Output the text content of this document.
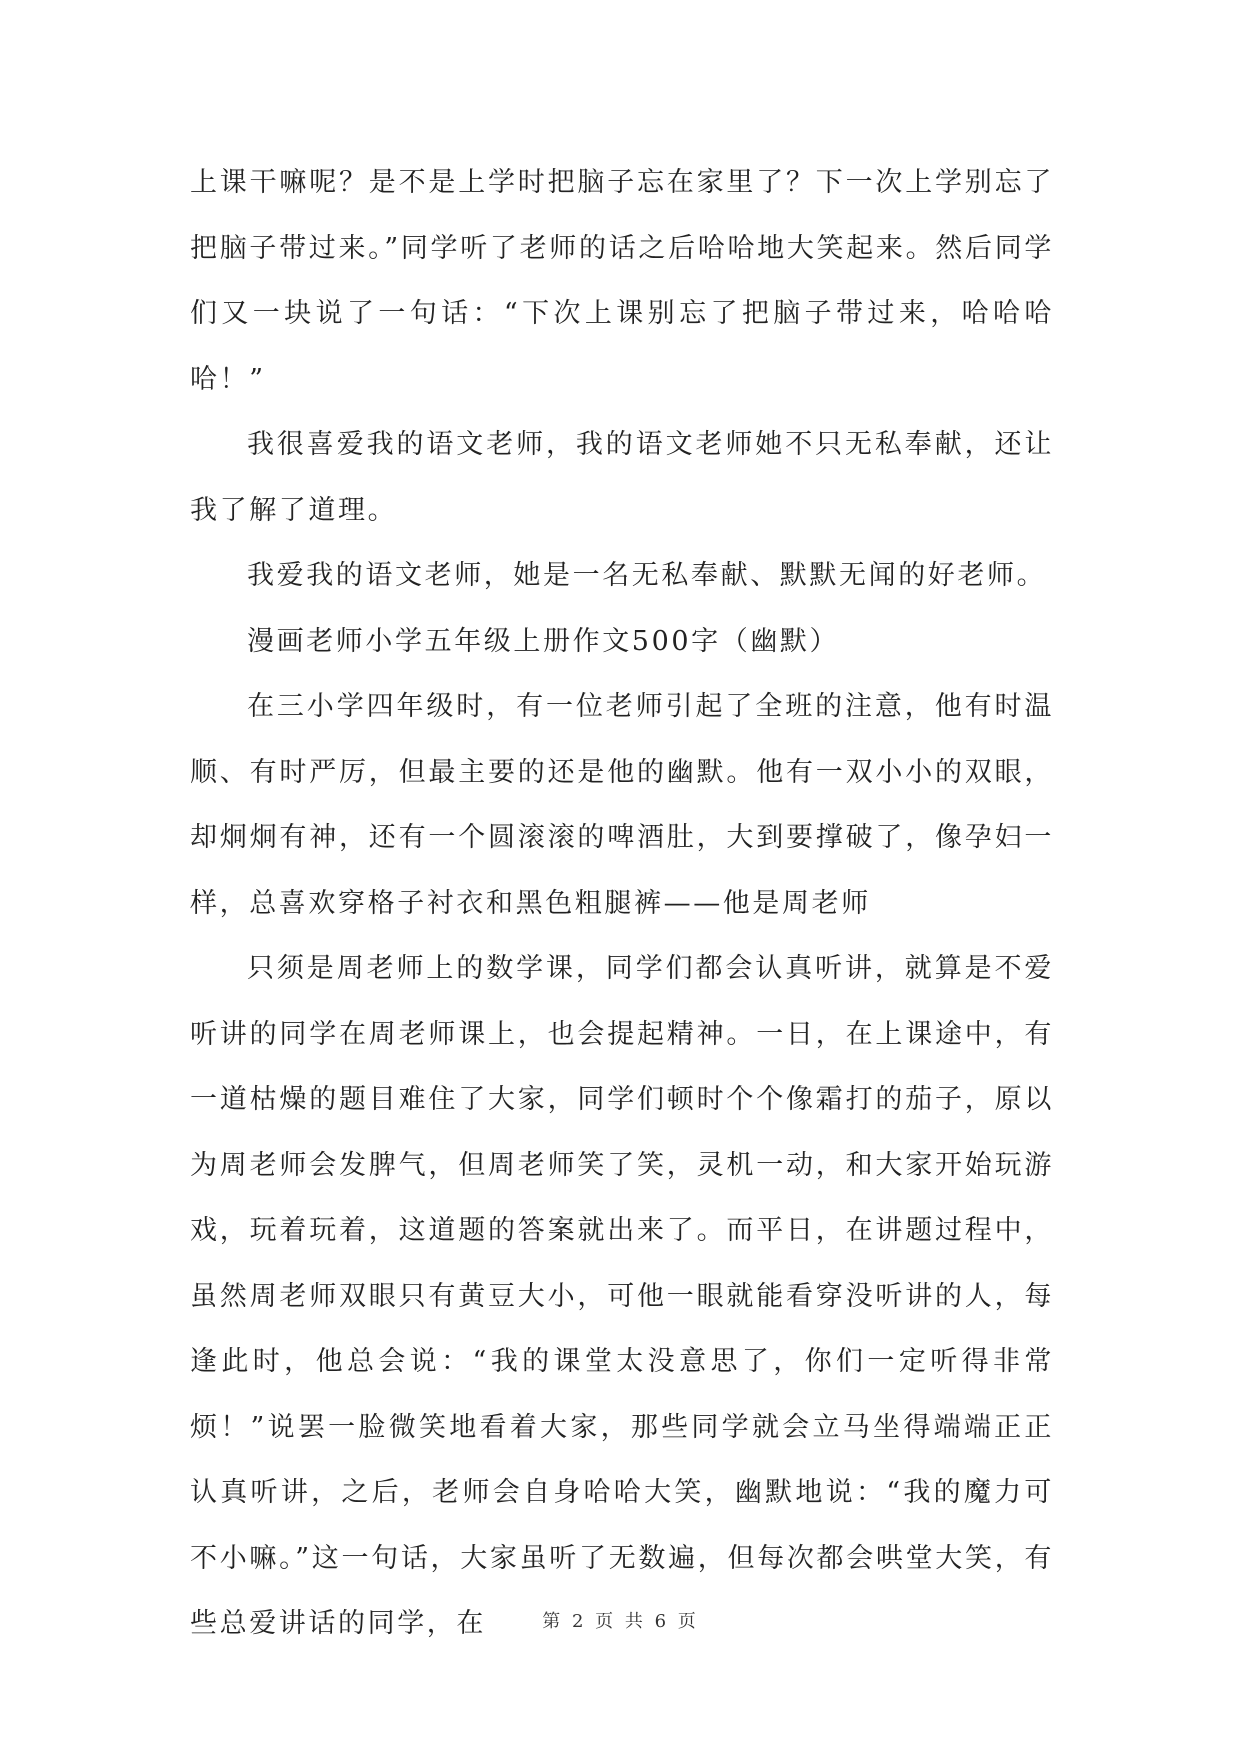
上课干嘛呢？是不是上学时把脑子忘在家里了？下一次上学别忘了把脑子带过来。”同学听了老师的话之后哈哈地大笑起来。然后同学们又一块说了一句话：“下次上课别忘了把脑子带过来，哈哈哈哈！”

我很喜爱我的语文老师，我的语文老师她不只无私奉献，还让我了解了道理。

我爱我的语文老师，她是一名无私奉献、默默无闻的好老师。

漫画老师小学五年级上册作文500字（幽默）

在三小学四年级时，有一位老师引起了全班的注意，他有时温顺、有时严厉，但最主要的还是他的幽默。他有一双小小的双眼，却炯炯有神，还有一个圆滚滚的啤酒肚，大到要撑破了，像孕妇一样，总喜欢穿格子衬衣和黑色粗腿裤——他是周老师

只须是周老师上的数学课，同学们都会认真听讲，就算是不爱听讲的同学在周老师课上，也会提起精神。一日，在上课途中，有一道枯燥的题目难住了大家，同学们顿时个个像霜打的茄子，原以为周老师会发脾气，但周老师笑了笑，灵机一动，和大家开始玩游戏，玩着玩着，这道题的答案就出来了。而平日，在讲题过程中，虽然周老师双眼只有黄豆大小，可他一眼就能看穿没听讲的人，每逢此时，他总会说：“我的课堂太没意思了，你们一定听得非常烦！”说罢一脸微笑地看着大家，那些同学就会立马坐得端端正正认真听讲，之后，老师会自身哈哈大笑，幽默地说：“我的魔力可不小嘛。”这一句话，大家虽听了无数遍，但每次都会哄堂大笑，有些总爱讲话的同学，在	第 2 页 共 6 页
